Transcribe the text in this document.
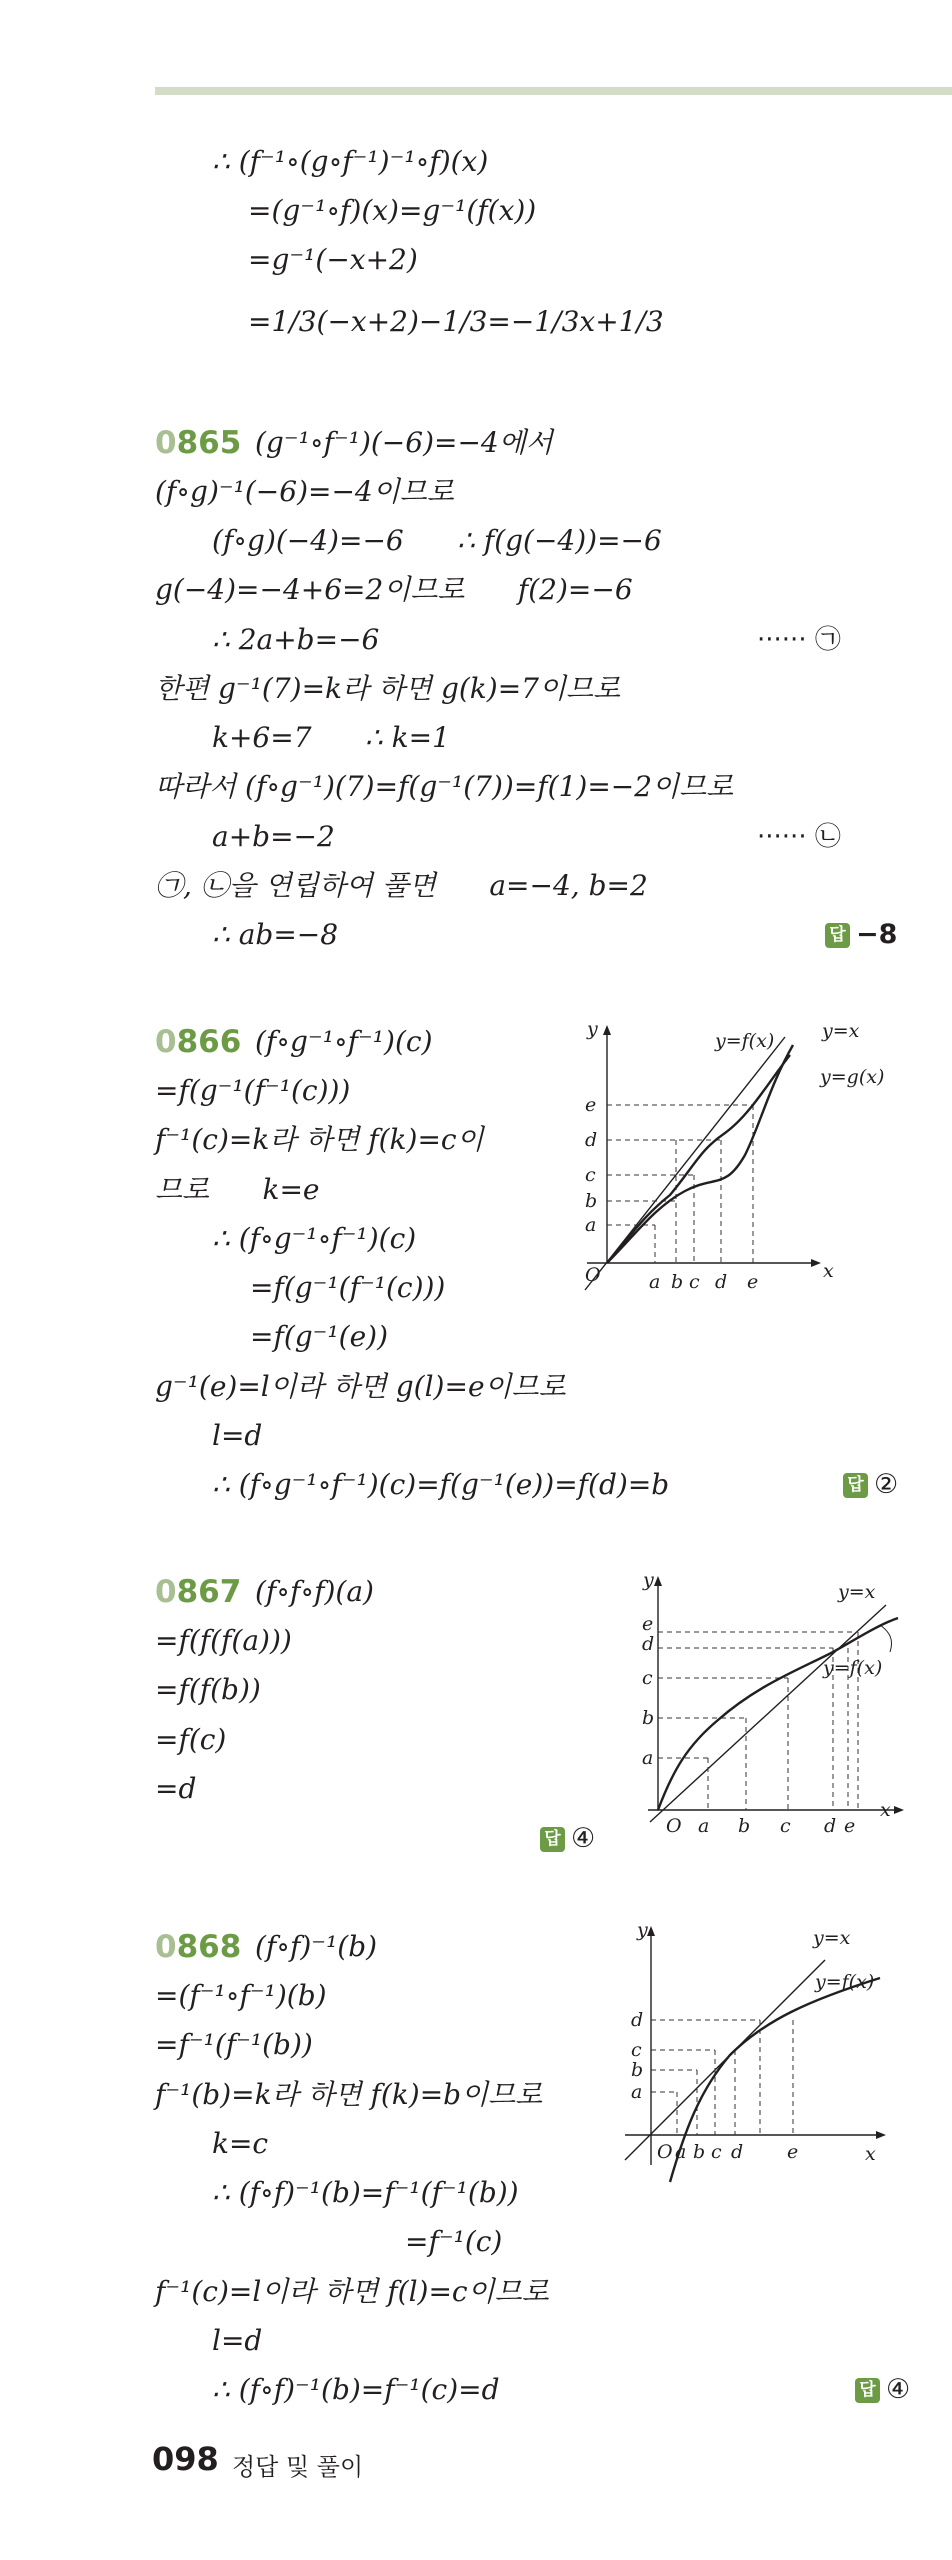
∴ (f⁻¹∘(g∘f⁻¹)⁻¹∘f)(x)
=(g⁻¹∘f)(x)=g⁻¹(f(x))
=g⁻¹(−x+2)
=1/3(−x+2)−1/3=−1/3x+1/3
0865 (g⁻¹∘f⁻¹)(−6)=−4에서
(f∘g)⁻¹(−6)=−4이므로
(f∘g)(−4)=−6      ∴ f(g(−4))=−6
g(−4)=−4+6=2이므로      f(2)=−6
∴ 2a+b=−6	······ ㉠
한편 g⁻¹(7)=k라 하면 g(k)=7이므로
k+6=7      ∴ k=1
따라서 (f∘g⁻¹)(7)=f(g⁻¹(7))=f(1)=−2이므로
a+b=−2	······ ㉡
㉠, ㉡을 연립하여 풀면      a=−4, b=2
∴ ab=−8	답 −8
0866 (f∘g⁻¹∘f⁻¹)(c)
=f(g⁻¹(f⁻¹(c)))
f⁻¹(c)=k라 하면 f(k)=c이
므로      k=e
∴ (f∘g⁻¹∘f⁻¹)(c)
=f(g⁻¹(f⁻¹(c)))
=f(g⁻¹(e))
g⁻¹(e)=l이라 하면 g(l)=e이므로
l=d
∴ (f∘g⁻¹∘f⁻¹)(c)=f(g⁻¹(e))=f(d)=b	답 ②
y
x
O
y=f(x)	y=x
y=g(x)
e
d
c
b
a
a b c d e
0867 (f∘f∘f)(a)
=f(f(f(a)))
=f(f(b))
=f(c)
=d
답 ④
y
x
O
y=x
y=f(x)
e
d
c
b
a
a b c d e
0868 (f∘f)⁻¹(b)
=(f⁻¹∘f⁻¹)(b)
=f⁻¹(f⁻¹(b))
f⁻¹(b)=k라 하면 f(k)=b이므로
k=c
∴ (f∘f)⁻¹(b)=f⁻¹(f⁻¹(b))
=f⁻¹(c)
f⁻¹(c)=l이라 하면 f(l)=c이므로
l=d
∴ (f∘f)⁻¹(b)=f⁻¹(c)=d	답 ④
y
x
O
y=x
y=f(x)
d
c
b
a
a b c d e
098 정답 및 풀이
